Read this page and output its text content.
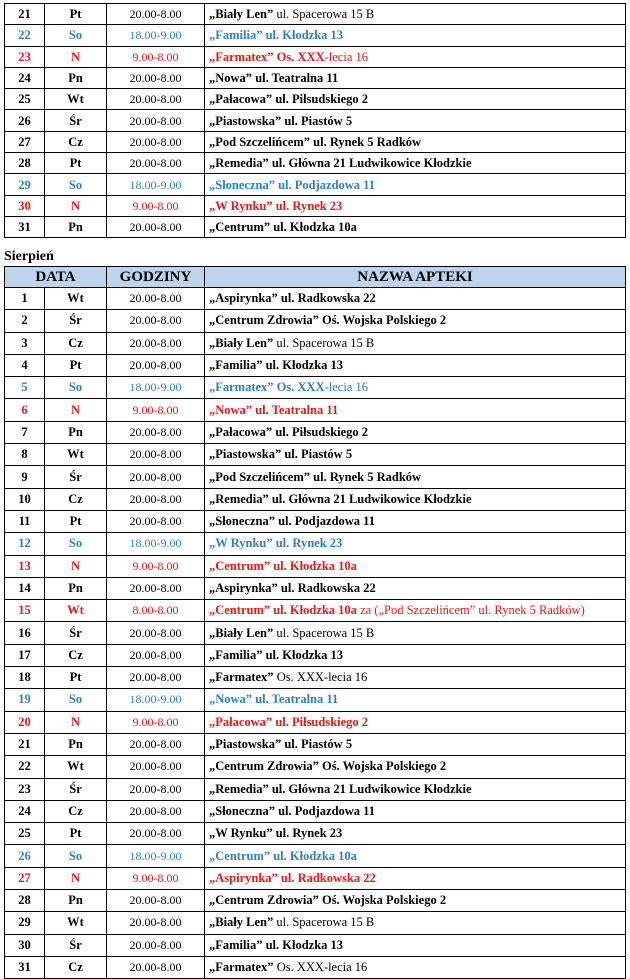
21	Pt	20.00-8.00	„Biały Len” ul. Spacerowa 15 B
22	So	18.00-9.00	„Familia” ul. Kłodzka 13
23	N	9.00-8.00	„Farmatex” Os. XXX-lecia 16
24	Pn	20.00-8.00	„Nowa” ul. Teatralna 11
25	Wt	20.00-8.00	„Pałacowa” ul. Piłsudskiego 2
26	Śr	20.00-8.00	„Piastowska” ul. Piastów 5
27	Cz	20.00-8.00	„Pod Szczelińcem” ul. Rynek 5 Radków
28	Pt	20.00-8.00	„Remedia” ul. Główna 21 Ludwikowice Kłodzkie
29	So	18.00-9.00	„Słoneczna” ul. Podjazdowa 11
30	N	9.00-8.00	„W Rynku” ul. Rynek 23
31	Pn	20.00-8.00	„Centrum” ul. Kłodzka 10a
Sierpień
DATA		GODZINY	NAZWA APTEKI
1	Wt	20.00-8.00	„Aspirynka” ul. Radkowska 22
2	Śr	20.00-8.00	„Centrum Zdrowia” Oś. Wojska Polskiego 2
3	Cz	20.00-8.00	„Biały Len” ul. Spacerowa 15 B
4	Pt	20.00-8.00	„Familia” ul. Kłodzka 13
5	So	18.00-9.00	„Farmatex” Os. XXX-lecia 16
6	N	9.00-8.00	„Nowa” ul. Teatralna 11
7	Pn	20.00-8.00	„Pałacowa” ul. Piłsudskiego 2
8	Wt	20.00-8.00	„Piastowska” ul. Piastów 5
9	Śr	20.00-8.00	„Pod Szczelińcem” ul. Rynek 5 Radków
10	Cz	20.00-8.00	„Remedia” ul. Główna 21 Ludwikowice Kłodzkie
11	Pt	20.00-8.00	„Słoneczna” ul. Podjazdowa 11
12	So	18.00-9.00	„W Rynku” ul. Rynek 23
13	N	9.00-8.00	„Centrum” ul. Kłodzka 10a
14	Pn	20.00-8.00	„Aspirynka” ul. Radkowska 22
15	Wt	8.00-8.00	„Centrum” ul. Kłodzka 10a za („Pod Szczelińcem” ul. Rynek 5 Radków)
16	Śr	20.00-8.00	„Biały Len” ul. Spacerowa 15 B
17	Cz	20.00-8.00	„Familia” ul. Kłodzka 13
18	Pt	20.00-8.00	„Farmatex” Os. XXX-lecia 16
19	So	18.00-9.00	„Nowa” ul. Teatralna 11
20	N	9.00-8.00	„Pałacowa” ul. Piłsudskiego 2
21	Pn	20.00-8.00	„Piastowska” ul. Piastów 5
22	Wt	20.00-8.00	„Centrum Zdrowia” Oś. Wojska Polskiego 2
23	Śr	20.00-8.00	„Remedia” ul. Główna 21 Ludwikowice Kłodzkie
24	Cz	20.00-8.00	„Słoneczna” ul. Podjazdowa 11
25	Pt	20.00-8.00	„W Rynku” ul. Rynek 23
26	So	18.00-9.00	„Centrum” ul. Kłodzka 10a
27	N	9.00-8.00	„Aspirynka” ul. Radkowska 22
28	Pn	20.00-8.00	„Centrum Zdrowia” Oś. Wojska Polskiego 2
29	Wt	20.00-8.00	„Biały Len” ul. Spacerowa 15 B
30	Śr	20.00-8.00	„Familia” ul. Kłodzka 13
31	Cz	20.00-8.00	„Farmatex” Os. XXX-lecia 16
